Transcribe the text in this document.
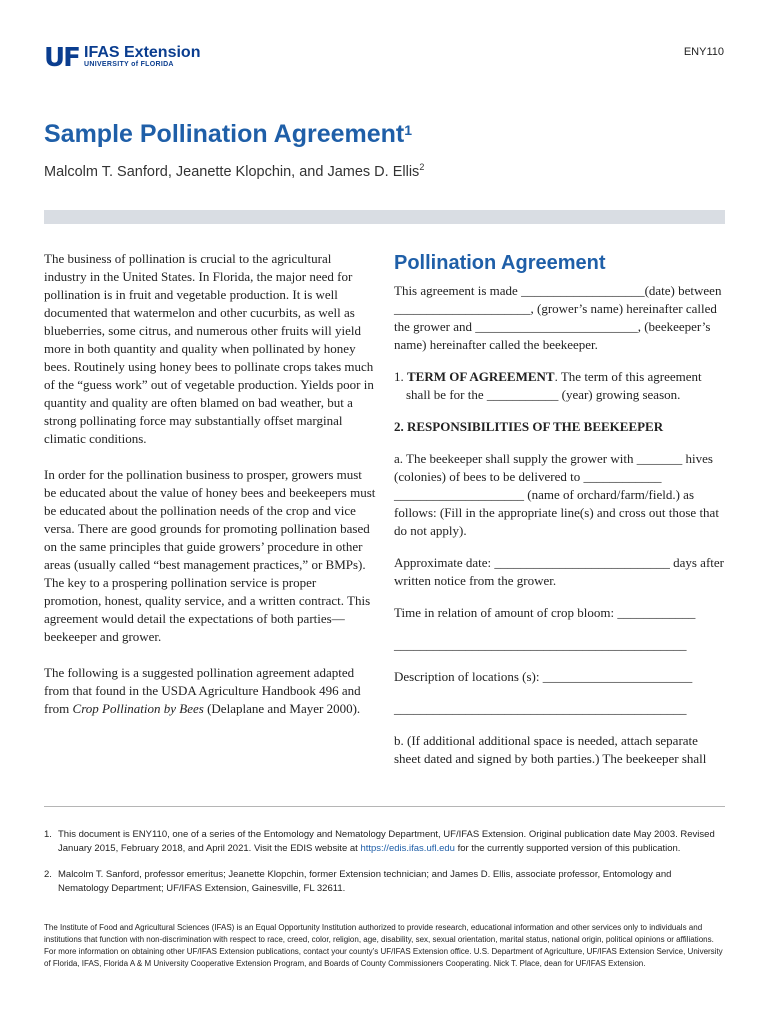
UF IFAS Extension
UNIVERSITY of FLORIDA
ENY110
Sample Pollination Agreement$^1$
Malcolm T. Sanford, Jeanette Klopchin, and James D. Ellis$^2$

The business of pollination is crucial to the agricultural industry in the United States. In Florida, the major need for pollination is in fruit and vegetable production. It is well documented that watermelon and other cucurbits, as well as blueberries, some citrus, and numerous other fruits will yield more in both quantity and quality when pollinated by honey bees. Routinely using honey bees to pollinate crops takes much of the “guess work” out of vegetable production. Yields poor in quantity and quality are often blamed on bad weather, but a strong pollinating force may substantially offset marginal climatic conditions.

In order for the pollination business to prosper, growers must be educated about the value of honey bees and beekeepers must be educated about the pollination needs of the crop and vice versa. There are good grounds for promoting pollination based on the same principles that guide growers’ procedure in other areas (usually called “best management practices,” or BMPs). The key to a prospering pollination service is proper promotion, honest, quality service, and a written contract. This agreement would detail the expectations of both parties—beekeeper and grower.

The following is a suggested pollination agreement adapted from that found in the USDA Agriculture Handbook 496 and from Crop Pollination by Bees (Delaplane and Mayer 2000).

Pollination Agreement

This agreement is made ___________________(date) between _____________________, (grower’s name) hereinafter called the grower and _________________________, (beekeeper’s name) hereinafter called the beekeeper.

1. TERM OF AGREEMENT. The term of this agreement shall be for the ___________ (year) growing season.

2. RESPONSIBILITIES OF THE BEEKEEPER

a. The beekeeper shall supply the grower with _______ hives (colonies) of bees to be delivered to ____________ ____________________ (name of orchard/farm/field.) as follows: (Fill in the appropriate line(s) and cross out those that do not apply).

Approximate date: ___________________________ days after written notice from the grower.

Time in relation of amount of crop bloom: ____________

_____________________________________________

Description of locations (s): _______________________

_____________________________________________

b. (If additional additional space is needed, attach separate sheet dated and signed by both parties.) The beekeeper shall

1. This document is ENY110, one of a series of the Entomology and Nematology Department, UF/IFAS Extension. Original publication date May 2003. Revised January 2015, February 2018, and April 2021. Visit the EDIS website at https://edis.ifas.ufl.edu for the currently supported version of this publication.
2. Malcolm T. Sanford, professor emeritus; Jeanette Klopchin, former Extension technician; and James D. Ellis, associate professor, Entomology and Nematology Department; UF/IFAS Extension, Gainesville, FL 32611.
The Institute of Food and Agricultural Sciences (IFAS) is an Equal Opportunity Institution authorized to provide research, educational information and other services only to individuals and institutions that function with non-discrimination with respect to race, creed, color, religion, age, disability, sex, sexual orientation, marital status, national origin, political opinions or affiliations. For more information on obtaining other UF/IFAS Extension publications, contact your county’s UF/IFAS Extension office. U.S. Department of Agriculture, UF/IFAS Extension Service, University of Florida, IFAS, Florida A & M University Cooperative Extension Program, and Boards of County Commissioners Cooperating. Nick T. Place, dean for UF/IFAS Extension.
